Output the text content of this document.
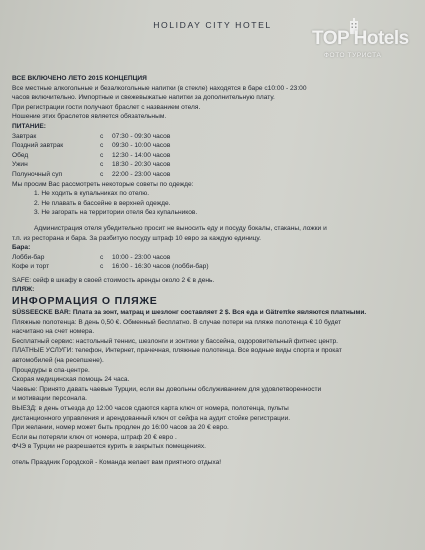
HOLIDAY CITY HOTEL
TOP Hotels
ФОТО ТУРИСТА
ВСЕ ВКЛЮЧЕНО ЛЕТО 2015 КОНЦЕПЦИЯ
Все местные алкогольные и безалкогольные напитки (в стекле) находятся в баре с10:00 - 23:00
часов включительно. Импортные и свежевыжатые напитки за дополнительную плату.
При регистрации гости получают браслет с названием отеля.
Ношение этих браслетов является обязательным.
ПИТАНИЕ:
Завтрак	с	07:30 - 09:30 часов
Поздний завтрак	с	09:30 - 10:00 часов
Обед	с	12:30 - 14:00 часов
Ужин	с	18:30 - 20:30 часов
Полуночный суп	с	22:00 - 23:00 часов
Мы просим Вас рассмотреть некоторые советы по одежде:
1. Не ходить в купальниках по отелю.
2. Не плавать в бассейне в верхней одежде.
3. Не загорать на территории отеля без купальников.
Администрация отеля убедительно просит не выносить еду и посуду бокалы, стаканы, ложки и
т.п. из ресторана и бара. За разбитую посуду штраф 10 евро за каждую единицу.
Бара:
Лобби-бар	с	10:00 - 23:00 часов
Кофе и торт	с	16:00 - 16:30 часов (лобби-бар)
SAFE: сейф в шкафу в своей стоимость аренды около 2 € в день.
ПЛЯЖ:
ИНФОРМАЦИЯ О ПЛЯЖЕ
SÜSSEECKE BAR: Плата за зонт, матрац и шезлонг составляет 2 $. Вся еда и Gätreπke являются платными.
Пляжные полотенца: В день 0,50 €. Обменный бесплатно. В случае потери на пляже полотенца € 10 будет
насчитано на счет номера.
Бесплатный сервис: настольный теннис, шезлонги и зонтики у бассейна, оздоровительный фитнес центр.
ПЛАТНЫЕ УСЛУГИ: телефон, Интернет, прачечная, пляжные полотенца. Все водные виды спорта и прокат
автомобилей (на ресепшене).
Процедуры в спа-центре.
Скорая медицинская помощь 24 часа.
Чаевые: Принято давать чаевые Турции, если вы довольны обслуживанием для удовлетворенности
и мотивации персонала.
ВЫЕЗД: в день отъезда до 12:00 часов сдаются карта ключ от номера, полотенца, пульты
дистанционного управления и арендованный ключ от сейфа на аудит стойке регистрации.
При желании, номер может быть продлен до 16:00 часов за 20 € евро.
Если вы потеряли ключ от номера, штраф 20 € евро .
ФЧЭ в Турции не разрешается курить в закрытых помещениях.
отель Праздник Городской - Команда желает вам приятного отдыха!
